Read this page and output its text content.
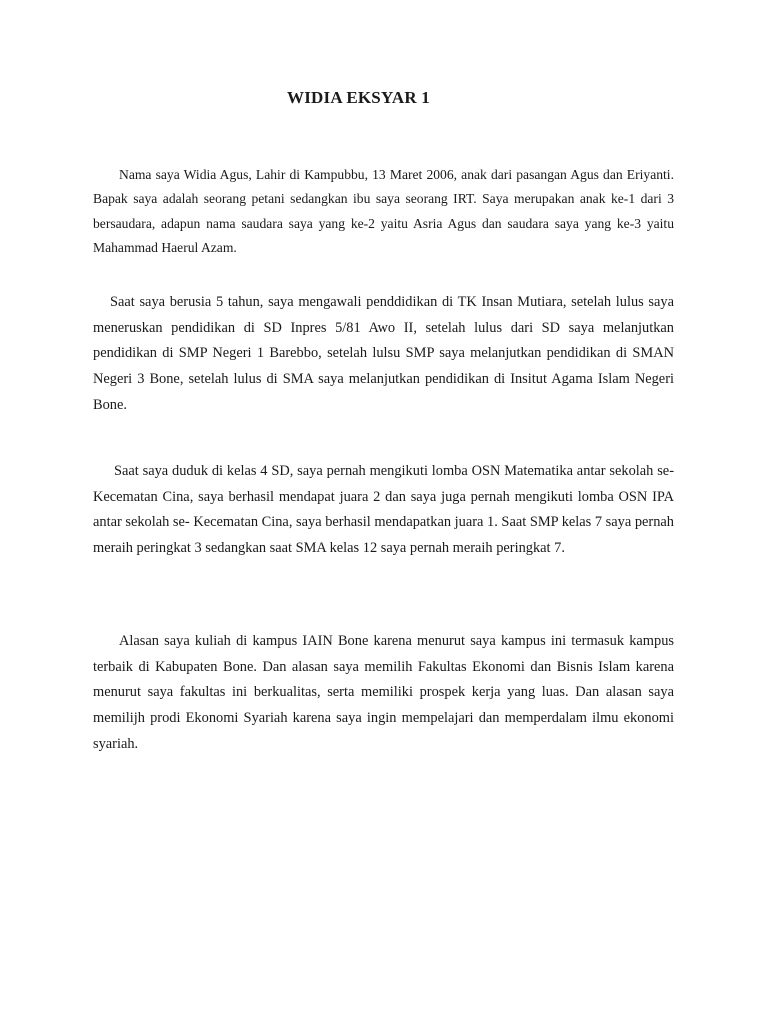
WIDIA EKSYAR 1

Nama saya Widia Agus, Lahir di Kampubbu, 13 Maret 2006, anak dari pasangan Agus dan Eriyanti. Bapak saya adalah seorang petani sedangkan ibu saya seorang IRT. Saya merupakan anak ke-1 dari 3 bersaudara, adapun nama saudara saya yang ke-2 yaitu Asria Agus dan saudara saya yang ke-3 yaitu Mahammad Haerul Azam.

Saat saya berusia 5 tahun, saya mengawali penddidikan di TK Insan Mutiara, setelah lulus saya meneruskan pendidikan di SD Inpres 5/81 Awo II, setelah lulus dari SD saya melanjutkan pendidikan di SMP Negeri 1 Barebbo, setelah lulsu SMP saya melanjutkan pendidikan di SMAN Negeri 3 Bone, setelah lulus di SMA saya melanjutkan pendidikan di Insitut Agama Islam Negeri Bone.

Saat saya duduk di kelas 4 SD, saya pernah mengikuti lomba OSN Matematika antar sekolah se-Kecematan Cina, saya berhasil mendapat juara 2 dan saya juga pernah mengikuti lomba OSN IPA antar sekolah se- Kecematan Cina, saya berhasil mendapatkan juara 1. Saat SMP kelas 7 saya pernah meraih peringkat 3 sedangkan saat SMA kelas 12 saya pernah meraih peringkat 7.

Alasan saya kuliah di kampus IAIN Bone karena menurut saya kampus ini termasuk kampus terbaik di Kabupaten Bone. Dan alasan saya memilih Fakultas Ekonomi dan Bisnis Islam karena menurut saya fakultas ini berkualitas, serta memiliki prospek kerja yang luas. Dan alasan saya memilijh prodi Ekonomi Syariah karena saya ingin mempelajari dan memperdalam ilmu ekonomi syariah.
